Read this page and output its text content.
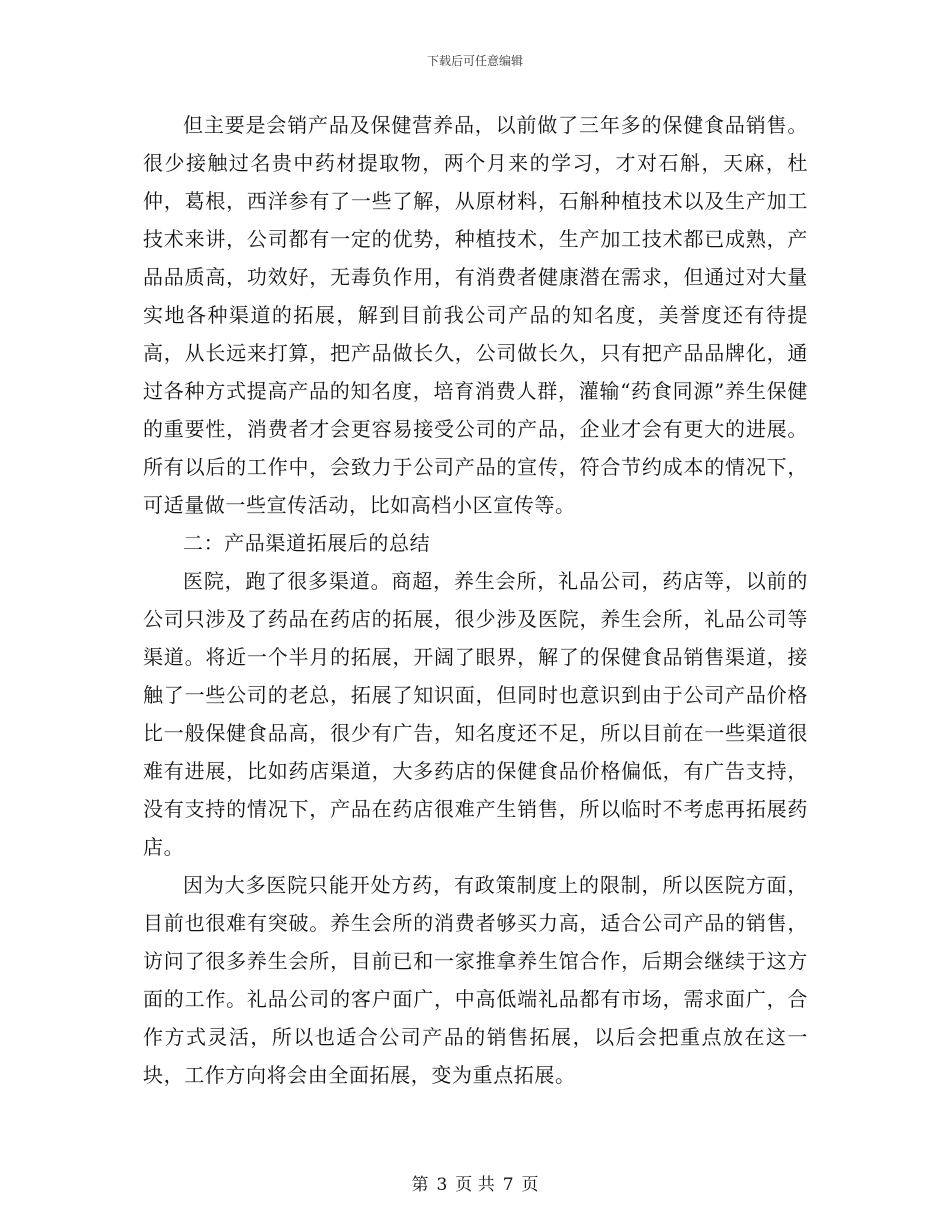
下载后可任意编辑

但主要是会销产品及保健营养品，以前做了三年多的保健食品销售。很少接触过名贵中药材提取物，两个月来的学习，才对石斛，天麻，杜仲，葛根，西洋参有了一些了解，从原材料，石斛种植技术以及生产加工技术来讲，公司都有一定的优势，种植技术，生产加工技术都已成熟，产品品质高，功效好，无毒负作用，有消费者健康潜在需求，但通过对大量实地各种渠道的拓展，解到目前我公司产品的知名度，美誉度还有待提高，从长远来打算，把产品做长久，公司做长久，只有把产品品牌化，通过各种方式提高产品的知名度，培育消费人群，灌输“药食同源”养生保健的重要性，消费者才会更容易接受公司的产品，企业才会有更大的进展。所有以后的工作中，会致力于公司产品的宣传，符合节约成本的情况下，可适量做一些宣传活动，比如高档小区宣传等。

二：产品渠道拓展后的总结

医院，跑了很多渠道。商超，养生会所，礼品公司，药店等，以前的公司只涉及了药品在药店的拓展，很少涉及医院，养生会所，礼品公司等渠道。将近一个半月的拓展，开阔了眼界，解了的保健食品销售渠道，接触了一些公司的老总，拓展了知识面，但同时也意识到由于公司产品价格比一般保健食品高，很少有广告，知名度还不足，所以目前在一些渠道很难有进展，比如药店渠道，大多药店的保健食品价格偏低，有广告支持，没有支持的情况下，产品在药店很难产生销售，所以临时不考虑再拓展药店。

因为大多医院只能开处方药，有政策制度上的限制，所以医院方面，目前也很难有突破。养生会所的消费者够买力高，适合公司产品的销售，访问了很多养生会所，目前已和一家推拿养生馆合作，后期会继续于这方面的工作。礼品公司的客户面广，中高低端礼品都有市场，需求面广，合作方式灵活，所以也适合公司产品的销售拓展，以后会把重点放在这一块，工作方向将会由全面拓展，变为重点拓展。

第 3 页 共 7 页
